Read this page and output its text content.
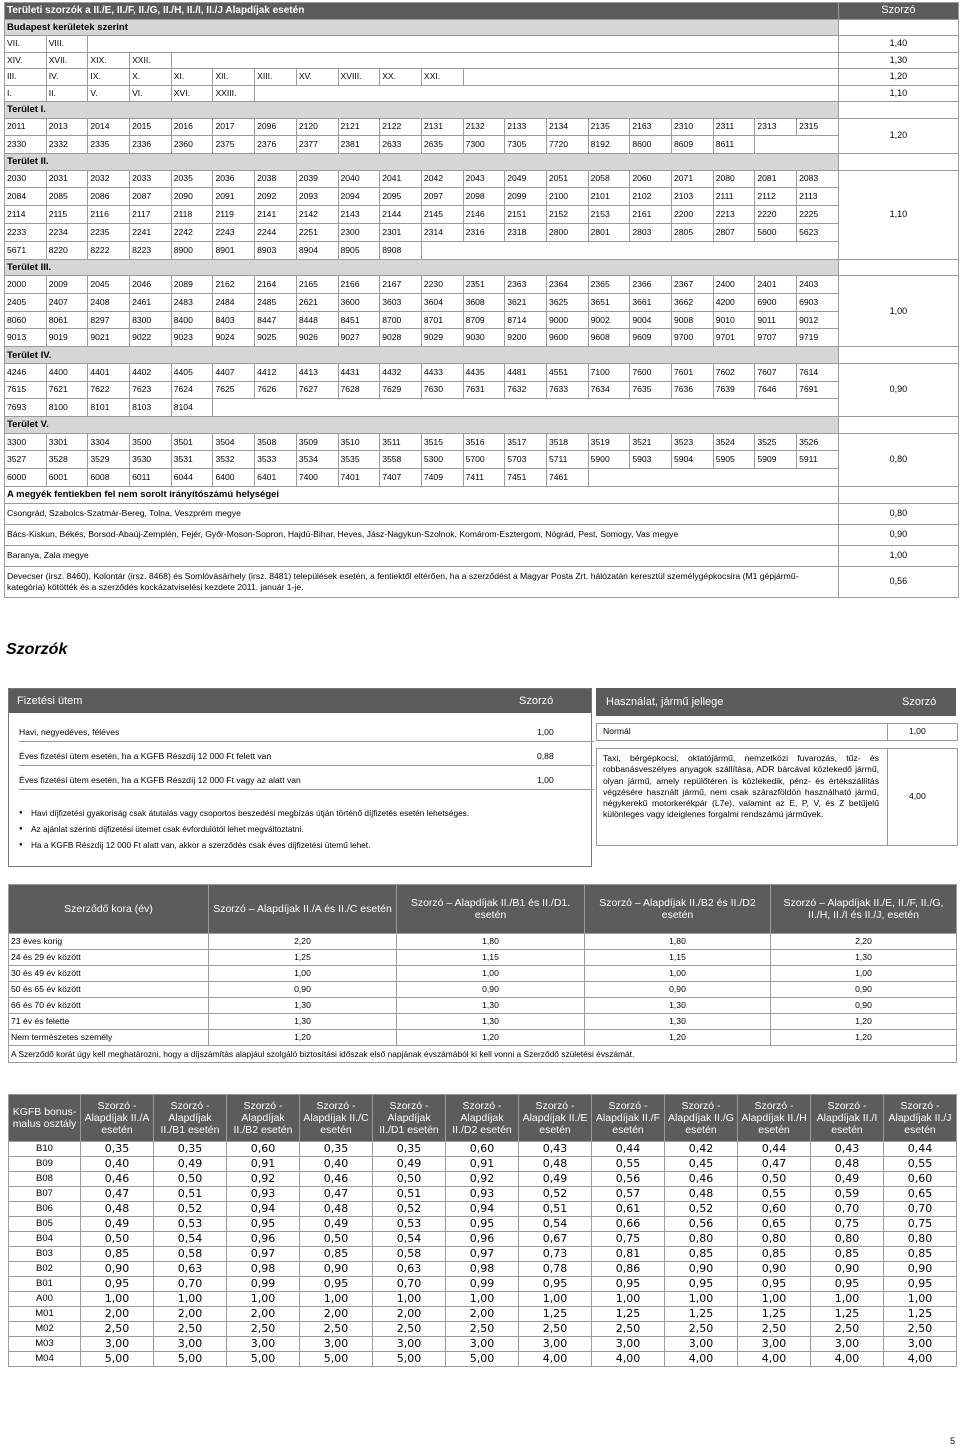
Területi szorzók a II./E, II./F, II./G, II./H, II./I, II./J Alapdíjak esetén																				Szorzó
Budapest kerületek szerint																				
VII.	VIII.																			1,40
XIV.	XVII.	XIX.	XXII.																	1,30
III.	IV.	IX.	X.	XI.	XII.	XIII.	XV.	XVIII.	XX.	XXI.										1,20
I.	II.	V.	VI.	XVI.	XXIII.															1,10
Terület I.																				
2011	2013	2014	2015	2016	2017	2096	2120	2121	2122	2131	2132	2133	2134	2135	2163	2310	2311	2313	2315	1,20
2330	2332	2335	2336	2360	2375	2376	2377	2381	2633	2635	7300	7305	7720	8192	8600	8609	8611			
Terület II.																				
2030	2031	2032	2033	2035	2036	2038	2039	2040	2041	2042	2043	2049	2051	2058	2060	2071	2080	2081	2083	1,10
2084	2085	2086	2087	2090	2091	2092	2093	2094	2095	2097	2098	2099	2100	2101	2102	2103	2111	2112	2113	
2114	2115	2116	2117	2118	2119	2141	2142	2143	2144	2145	2146	2151	2152	2153	2161	2200	2213	2220	2225	
2233	2234	2235	2241	2242	2243	2244	2251	2300	2301	2314	2316	2318	2800	2801	2803	2805	2807	5600	5623	
5671	8220	8222	8223	8900	8901	8903	8904	8905	8908											
Terület III.																				
2000	2009	2045	2046	2089	2162	2164	2165	2166	2167	2230	2351	2363	2364	2365	2366	2367	2400	2401	2403	1,00
2405	2407	2408	2461	2483	2484	2485	2621	3600	3603	3604	3608	3621	3625	3651	3661	3662	4200	6900	6903	
8060	8061	8297	8300	8400	8403	8447	8448	8451	8700	8701	8709	8714	9000	9002	9004	9008	9010	9011	9012	
9013	9019	9021	9022	9023	9024	9025	9026	9027	9028	9029	9030	9200	9600	9608	9609	9700	9701	9707	9719	
Terület IV.																				
4246	4400	4401	4402	4405	4407	4412	4413	4431	4432	4433	4435	4481	4551	7100	7600	7601	7602	7607	7614	0,90
7615	7621	7622	7623	7624	7625	7626	7627	7628	7629	7630	7631	7632	7633	7634	7635	7636	7639	7646	7691	
7693	8100	8101	8103	8104																
Terület V.																				
3300	3301	3304	3500	3501	3504	3508	3509	3510	3511	3515	3516	3517	3518	3519	3521	3523	3524	3525	3526	0,80
3527	3528	3529	3530	3531	3532	3533	3534	3535	3558	5300	5700	5703	5711	5900	5903	5904	5905	5909	5911	
6000	6001	6008	6011	6044	6400	6401	7400	7401	7407	7409	7411	7451	7461							
A megyék fentiekben fel nem sorolt irányítószámú helységei																				
Csongrád, Szabolcs-Szatmár-Bereg, Tolna, Veszprém megye																				0,80
Bács-Kiskun, Békés, Borsod-Abaúj-Zemplén, Fejér, Győr-Moson-Sopron, Hajdú-Bihar, Heves, Jász-Nagykun-Szolnok, Komárom-Esztergom, Nógrád, Pest, Somogy, Vas megye																				0,90
Baranya, Zala megye																				1,00
Devecser (irsz. 8460), Kolontár (irsz. 8468) és Somlóvásárhely (irsz. 8481) települések esetén, a fentiektől eltérően, ha a szerződést a Magyar Posta Zrt. hálózatán keresztül személygépkocsira (M1 gépjármű-kategória) kötötték és a szerződés kockázatviselési kezdete 2011. január 1-je.																				0,56
Szorzók
Fizetési ütem	Szorzó
Havi, negyedéves, féléves	1,00
Éves fizetési ütem esetén, ha a KGFB Részdíj 12 000 Ft felett van	0,88
Éves fizetési ütem esetén, ha a KGFB Részdíj 12 000 Ft vagy az alatt van	1,00
● Havi díjfizetési gyakoriság csak átutalás vagy csoportos beszedési megbízás útján történő díjfizetés esetén lehetséges.
● Az ajánlat szerinti díjfizetési ütemet csak évfordulótól lehet megváltoztatni.
● Ha a KGFB Részdíj 12 000 Ft alatt van, akkor a szerződés csak éves díjfizetési ütemű lehet.
Használat, jármű jellege	Szorzó
Normál	1,00
Taxi, bérgépkocsi, oktatójármű, nemzetközi fuvarozás, tűz- és robbanásveszélyes anyagok szállítása, ADR bárcával közlekedő jármű, olyan jármű, amely repülőtéren is közlekedik, pénz- és értékszállítás végzésére használt jármű, nem csak szárazföldön használható jármű, négykerekű motorkerékpár (L7e), valamint az E, P, V, és Z betűjelű különleges vagy ideiglenes forgalmi rendszámú járművek.
4,00
Szerződő kora (év)	Szorzó – Alapdíjak II./A és II./C esetén	Szorzó – Alapdíjak II./B1 és II./D1. esetén	Szorzó – Alapdíjak II./B2 és II./D2 esetén	Szorzó – Alapdíjak II./E, II./F, II./G, II./H, II./I és II./J, esetén
23 éves korig	2,20	1,80	1,80	2,20
24 és 29 év között	1,25	1,15	1,15	1,30
30 és 49 év között	1,00	1,00	1,00	1,00
50 és 65 év között	0,90	0,90	0,90	0,90
66 és 70 év között	1,30	1,30	1,30	0,90
71 év és felette	1,30	1,30	1,30	1,20
Nem természetes személy	1,20	1,20	1,20	1,20
A Szerződő korát úgy kell meghatározni, hogy a díjszámítás alapjául szolgáló biztosítási időszak első napjának évszámából ki kell vonni a Szerződő születési évszámát.				
KGFB bonus-malus osztály	Szorzó - Alapdíjak II./A esetén	Szorzó - Alapdíjak II./B1 esetén	Szorzó - Alapdíjak II./B2 esetén	Szorzó - Alapdíjak II./C esetén	Szorzó - Alapdíjak II./D1 esetén	Szorzó - Alapdíjak II./D2 esetén	Szorzó - Alapdíjak II./E esetén	Szorzó - Alapdíjak II./F esetén	Szorzó - Alapdíjak II./G esetén	Szorzó - Alapdíjak II./H esetén	Szorzó - Alapdíjak II./I esetén	Szorzó - Alapdíjak II./J esetén
B10	0,35	0,35	0,60	0,35	0,35	0,60	0,43	0,44	0,42	0,44	0,43	0,44
B09	0,40	0,49	0,91	0,40	0,49	0,91	0,48	0,55	0,45	0,47	0,48	0,55
B08	0,46	0,50	0,92	0,46	0,50	0,92	0,49	0,56	0,46	0,50	0,49	0,60
B07	0,47	0,51	0,93	0,47	0,51	0,93	0,52	0,57	0,48	0,55	0,59	0,65
B06	0,48	0,52	0,94	0,48	0,52	0,94	0,51	0,61	0,52	0,60	0,70	0,70
B05	0,49	0,53	0,95	0,49	0,53	0,95	0,54	0,66	0,56	0,65	0,75	0,75
B04	0,50	0,54	0,96	0,50	0,54	0,96	0,67	0,75	0,80	0,80	0,80	0,80
B03	0,85	0,58	0,97	0,85	0,58	0,97	0,73	0,81	0,85	0,85	0,85	0,85
B02	0,90	0,63	0,98	0,90	0,63	0,98	0,78	0,86	0,90	0,90	0,90	0,90
B01	0,95	0,70	0,99	0,95	0,70	0,99	0,95	0,95	0,95	0,95	0,95	0,95
A00	1,00	1,00	1,00	1,00	1,00	1,00	1,00	1,00	1,00	1,00	1,00	1,00
M01	2,00	2,00	2,00	2,00	2,00	2,00	1,25	1,25	1,25	1,25	1,25	1,25
M02	2,50	2,50	2,50	2,50	2,50	2,50	2,50	2,50	2,50	2,50	2,50	2,50
M03	3,00	3,00	3,00	3,00	3,00	3,00	3,00	3,00	3,00	3,00	3,00	3,00
M04	5,00	5,00	5,00	5,00	5,00	5,00	4,00	4,00	4,00	4,00	4,00	4,00
5
